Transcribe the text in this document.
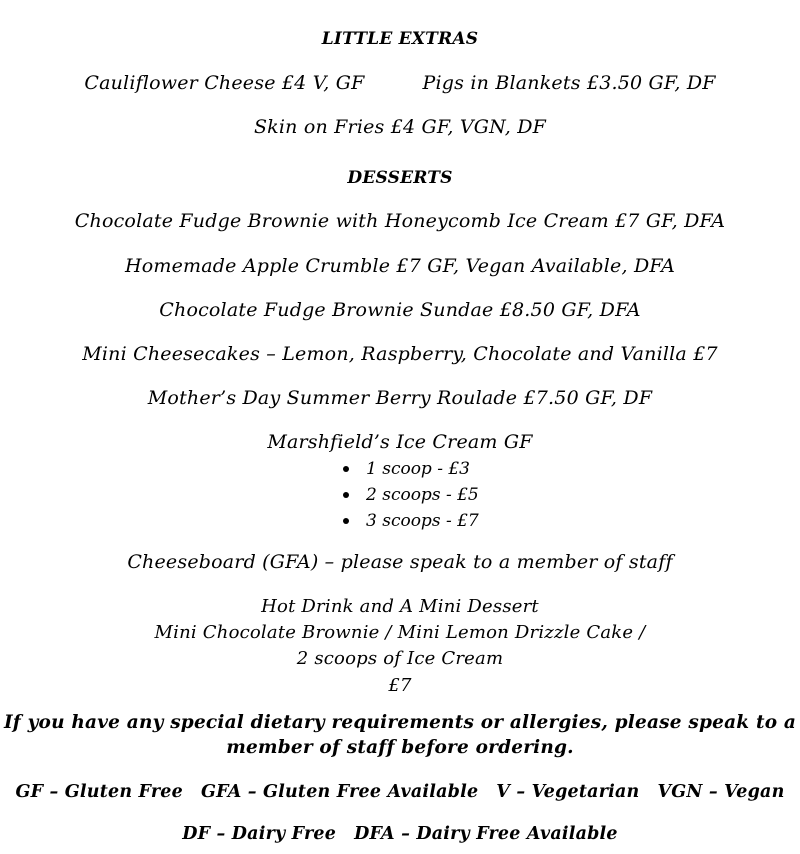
LITTLE EXTRAS
Cauliflower Cheese £4 V, GF	Pigs in Blankets £3.50 GF, DF
Skin on Fries £4 GF, VGN, DF
DESSERTS
Chocolate Fudge Brownie with Honeycomb Ice Cream £7 GF, DFA
Homemade Apple Crumble £7 GF, Vegan Available, DFA
Chocolate Fudge Brownie Sundae £8.50 GF, DFA
Mini Cheesecakes – Lemon, Raspberry, Chocolate and Vanilla £7
Mother’s Day Summer Berry Roulade £7.50 GF, DF
Marshfield’s Ice Cream GF
1 scoop - £3
2 scoops - £5
3 scoops - £7
Cheeseboard (GFA) – please speak to a member of staff
Hot Drink and A Mini Dessert
Mini Chocolate Brownie / Mini Lemon Drizzle Cake /
2 scoops of Ice Cream
£7
If you have any special dietary requirements or allergies, please speak to a
member of staff before ordering.
GF – Gluten Free GFA – Gluten Free Available V – Vegetarian VGN – Vegan
DF – Dairy Free DFA – Dairy Free Available
